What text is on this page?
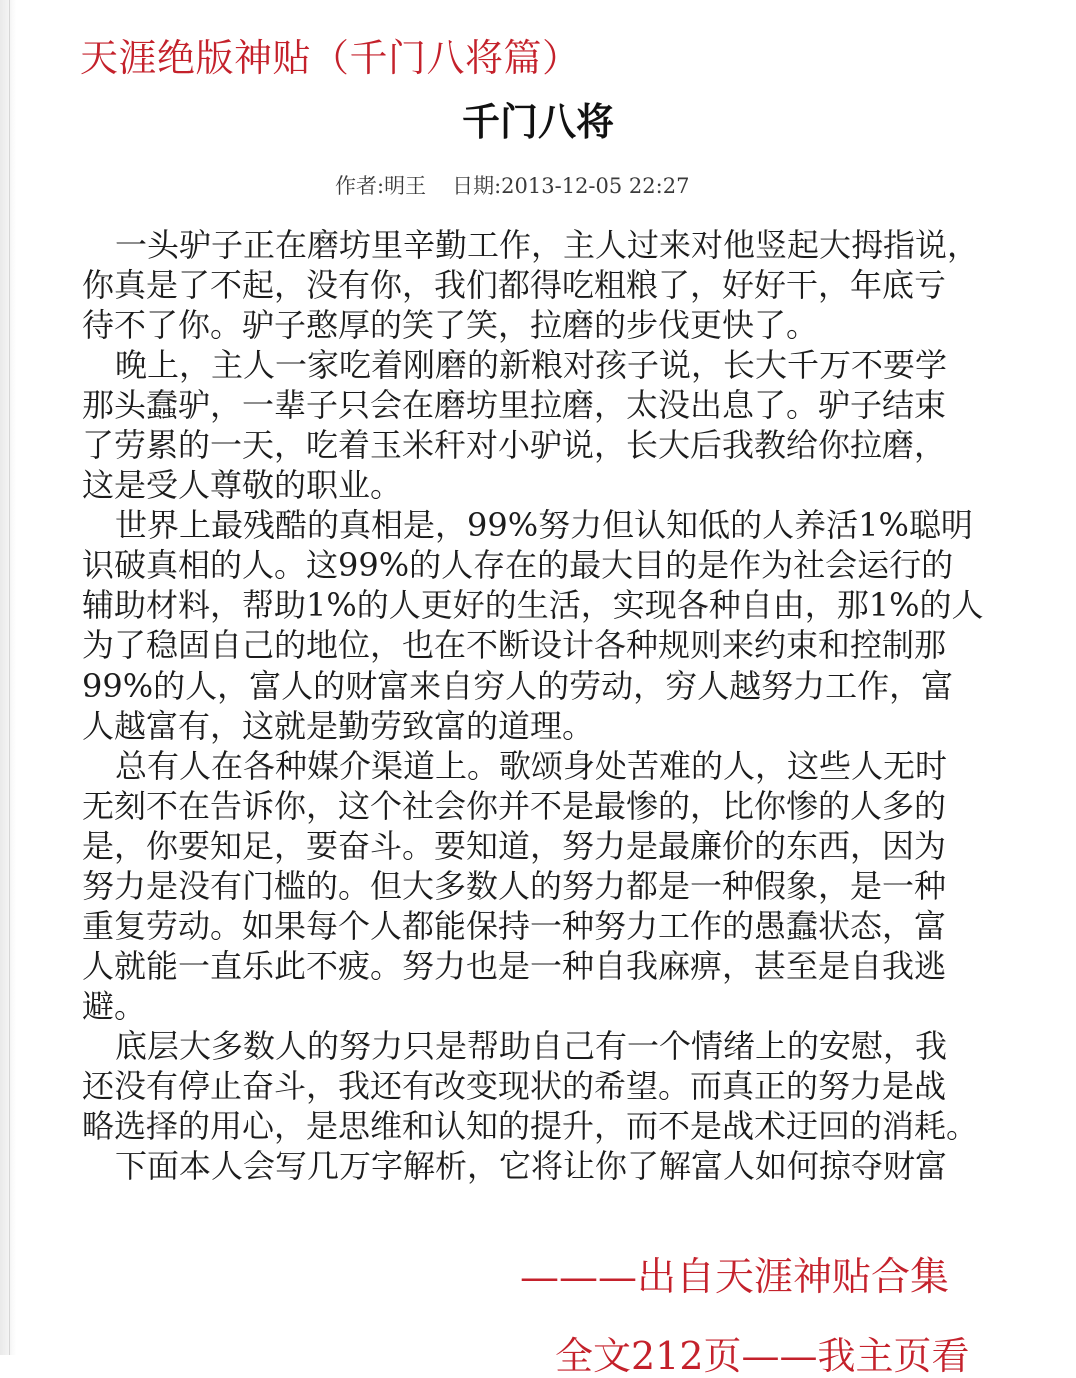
天涯绝版神贴（千门八将篇）
千门八将
作者:明王 日期:2013-12-05 22:27
一头驴子正在磨坊里辛勤工作，主人过来对他竖起大拇指说，
你真是了不起，没有你，我们都得吃粗粮了，好好干，年底亏
待不了你。驴子憨厚的笑了笑，拉磨的步伐更快了。
晚上，主人一家吃着刚磨的新粮对孩子说，长大千万不要学
那头蠢驴，一辈子只会在磨坊里拉磨，太没出息了。驴子结束
了劳累的一天，吃着玉米秆对小驴说，长大后我教给你拉磨，
这是受人尊敬的职业。
世界上最残酷的真相是，99%努力但认知低的人养活1%聪明
识破真相的人。这99%的人存在的最大目的是作为社会运行的
辅助材料，帮助1%的人更好的生活，实现各种自由，那1%的人
为了稳固自己的地位，也在不断设计各种规则来约束和控制那
99%的人，富人的财富来自穷人的劳动，穷人越努力工作，富
人越富有，这就是勤劳致富的道理。
总有人在各种媒介渠道上。歌颂身处苦难的人，这些人无时
无刻不在告诉你，这个社会你并不是最惨的，比你惨的人多的
是，你要知足，要奋斗。要知道，努力是最廉价的东西，因为
努力是没有门槛的。但大多数人的努力都是一种假象，是一种
重复劳动。如果每个人都能保持一种努力工作的愚蠢状态，富
人就能一直乐此不疲。努力也是一种自我麻痹，甚至是自我逃
避。
底层大多数人的努力只是帮助自己有一个情绪上的安慰，我
还没有停止奋斗，我还有改变现状的希望。而真正的努力是战
略选择的用心，是思维和认知的提升，而不是战术迂回的消耗。
下面本人会写几万字解析，它将让你了解富人如何掠夺财富
———出自天涯神贴合集
全文212页——我主页看
